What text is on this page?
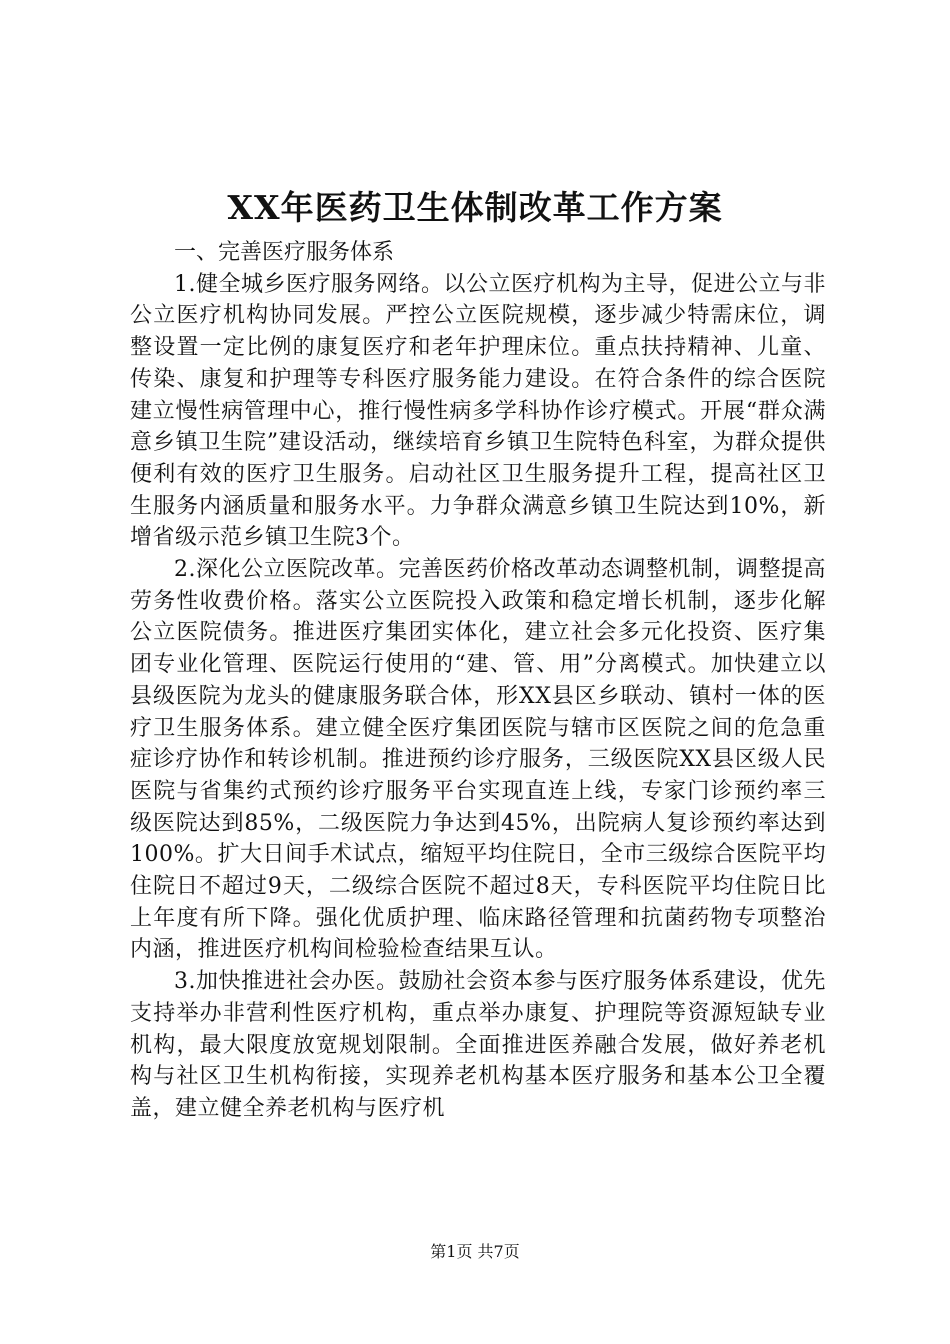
XX年医药卫生体制改革工作方案

一、完善医疗服务体系

1.健全城乡医疗服务网络。以公立医疗机构为主导，促进公立与非公立医疗机构协同发展。严控公立医院规模，逐步减少特需床位，调整设置一定比例的康复医疗和老年护理床位。重点扶持精神、儿童、传染、康复和护理等专科医疗服务能力建设。在符合条件的综合医院建立慢性病管理中心，推行慢性病多学科协作诊疗模式。开展“群众满意乡镇卫生院”建设活动，继续培育乡镇卫生院特色科室，为群众提供便利有效的医疗卫生服务。启动社区卫生服务提升工程，提高社区卫生服务内涵质量和服务水平。力争群众满意乡镇卫生院达到10%，新增省级示范乡镇卫生院3个。

2.深化公立医院改革。完善医药价格改革动态调整机制，调整提高劳务性收费价格。落实公立医院投入政策和稳定增长机制，逐步化解公立医院债务。推进医疗集团实体化，建立社会多元化投资、医疗集团专业化管理、医院运行使用的“建、管、用”分离模式。加快建立以县级医院为龙头的健康服务联合体，形XX县区乡联动、镇村一体的医疗卫生服务体系。建立健全医疗集团医院与辖市区医院之间的危急重症诊疗协作和转诊机制。推进预约诊疗服务，三级医院XX县区级人民医院与省集约式预约诊疗服务平台实现直连上线，专家门诊预约率三级医院达到85%，二级医院力争达到45%，出院病人复诊预约率达到100%。扩大日间手术试点，缩短平均住院日，全市三级综合医院平均住院日不超过9天，二级综合医院不超过8天，专科医院平均住院日比上年度有所下降。强化优质护理、临床路径管理和抗菌药物专项整治内涵，推进医疗机构间检验检查结果互认。

3.加快推进社会办医。鼓励社会资本参与医疗服务体系建设，优先支持举办非营利性医疗机构，重点举办康复、护理院等资源短缺专业机构，最大限度放宽规划限制。全面推进医养融合发展，做好养老机构与社区卫生机构衔接，实现养老机构基本医疗服务和基本公卫全覆盖，建立健全养老机构与医疗机

第1页 共7页
